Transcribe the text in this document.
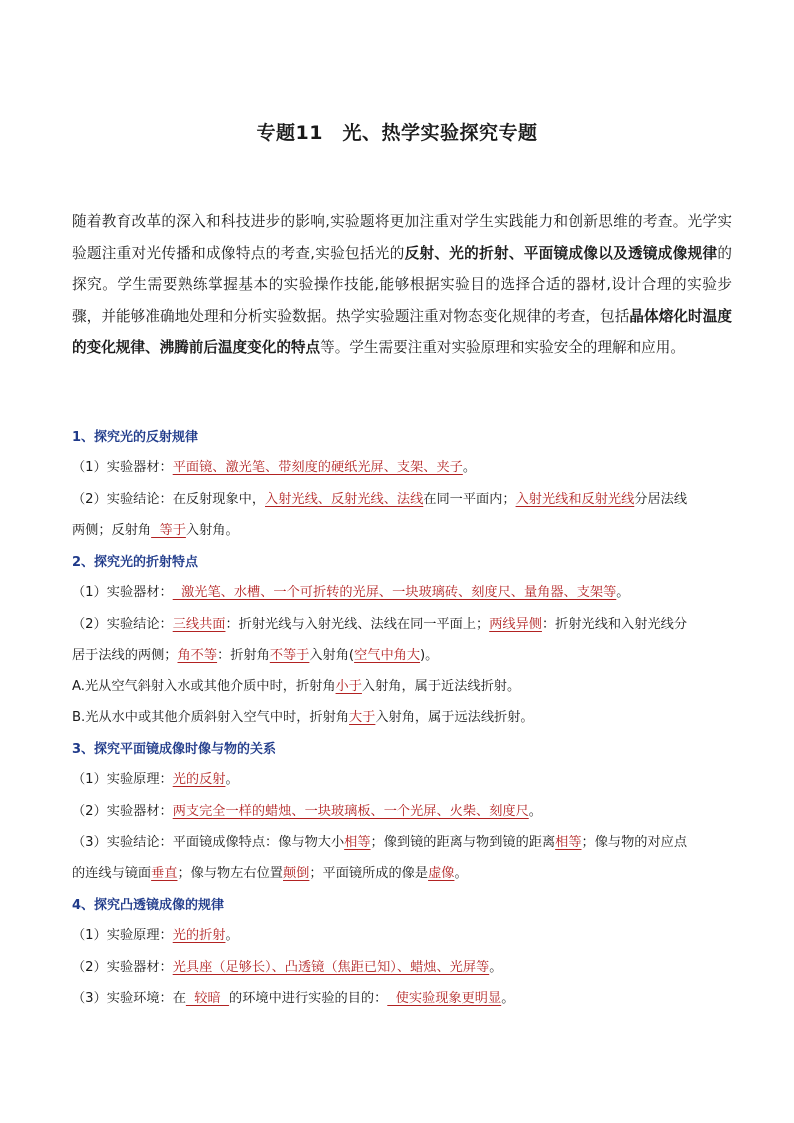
专题11　光、热学实验探究专题
随着教育改革的深入和科技进步的影响,实验题将更加注重对学生实践能力和创新思维的考查。光学实验题注重对光传播和成像特点的考查,实验包括光的反射、光的折射、平面镜成像以及透镜成像规律的探究。学生需要熟练掌握基本的实验操作技能,能够根据实验目的选择合适的器材,设计合理的实验步骤，并能够准确地处理和分析实验数据。热学实验题注重对物态变化规律的考查，包括晶体熔化时温度的变化规律、沸腾前后温度变化的特点等。学生需要注重对实验原理和实验安全的理解和应用。
1、探究光的反射规律
（1）实验器材：平面镜、激光笔、带刻度的硬纸光屏、支架、夹子。
（2）实验结论：在反射现象中，入射光线、反射光线、法线在同一平面内；入射光线和反射光线分居法线
两侧；反射角  等于入射角。
2、探究光的折射特点
（1）实验器材：  激光笔、水槽、一个可折转的光屏、一块玻璃砖、刻度尺、量角器、支架等。
（2）实验结论：三线共面：折射光线与入射光线、法线在同一平面上；两线异侧：折射光线和入射光线分
居于法线的两侧；角不等：折射角不等于入射角(空气中角大)。
A.光从空气斜射入水或其他介质中时，折射角小于入射角，属于近法线折射。
B.光从水中或其他介质斜射入空气中时，折射角大于入射角，属于远法线折射。
3、探究平面镜成像时像与物的关系
（1）实验原理：光的反射。
（2）实验器材：两支完全一样的蜡烛、一块玻璃板、一个光屏、火柴、刻度尺。
（3）实验结论：平面镜成像特点：像与物大小相等；像到镜的距离与物到镜的距离相等；像与物的对应点
的连线与镜面垂直；像与物左右位置颠倒；平面镜所成的像是虚像。
4、探究凸透镜成像的规律
（1）实验原理：光的折射。
（2）实验器材：光具座（足够长）、凸透镜（焦距已知）、蜡烛、光屏等。
（3）实验环境：在  较暗  的环境中进行实验的目的：  使实验现象更明显。
